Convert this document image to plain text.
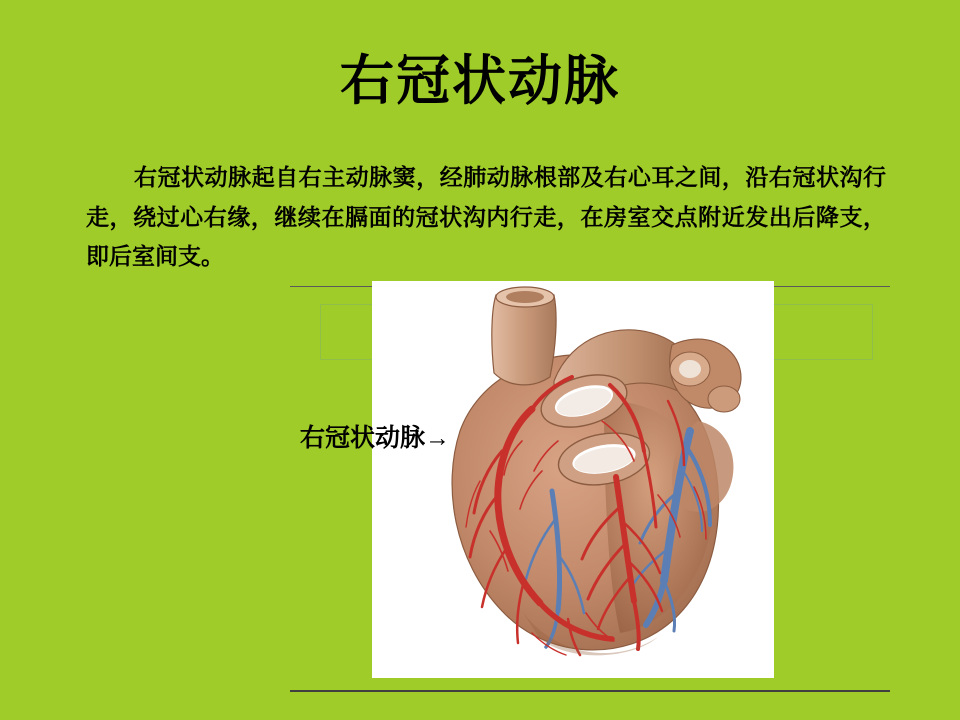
右冠状动脉
右冠状动脉起自右主动脉窦，经肺动脉根部及右心耳之间，沿右冠状沟行走，绕过心右缘，继续在膈面的冠状沟内行走，在房室交点附近发出后降支，即后室间支。
右冠状动脉→
